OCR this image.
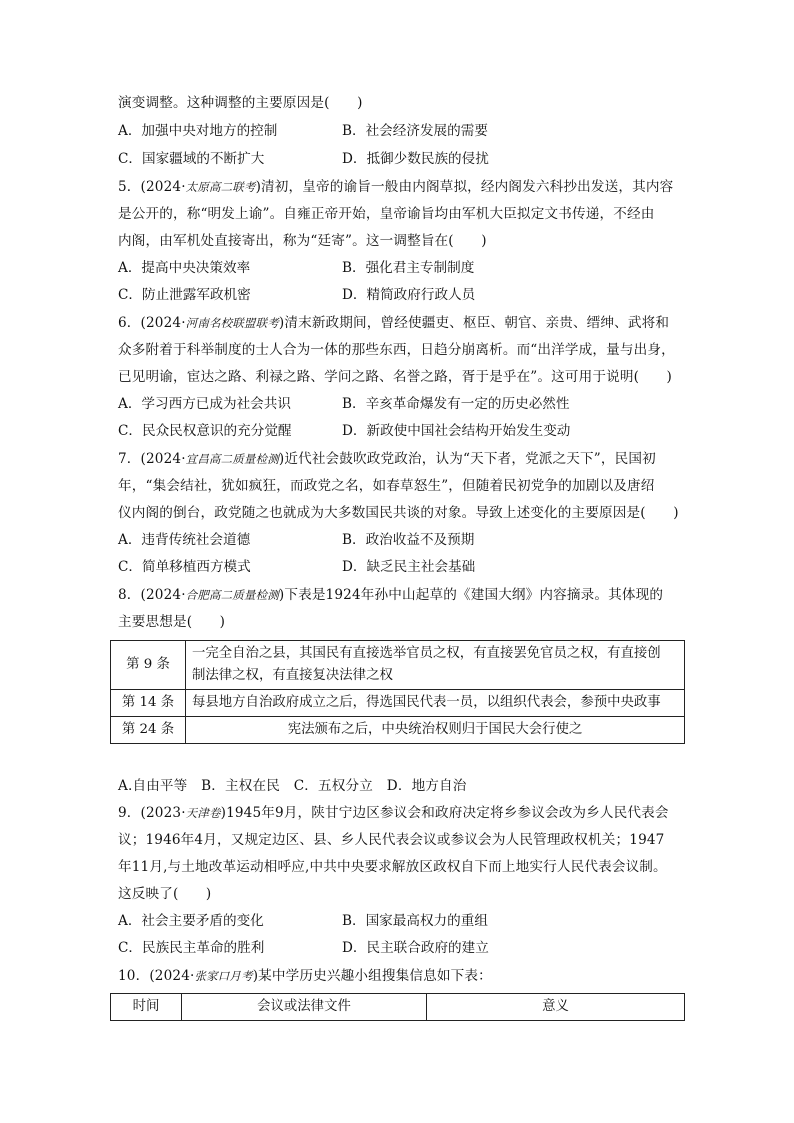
演变调整。这种调整的主要原因是(　　)
A．加强中央对地方的控制	B．社会经济发展的需要
C．国家疆域的不断扩大	D．抵御少数民族的侵扰
5．(2024·太原高二联考)清初，皇帝的谕旨一般由内阁草拟，经内阁发六科抄出发送，其内容
是公开的，称“明发上谕”。自雍正帝开始，皇帝谕旨均由军机大臣拟定文书传递，不经由
内阁，由军机处直接寄出，称为“廷寄”。这一调整旨在(　　)
A．提高中央决策效率	B．强化君主专制制度
C．防止泄露军政机密	D．精简政府行政人员
6．(2024·河南名校联盟联考)清末新政期间，曾经使疆吏、枢臣、朝官、亲贵、缙绅、武将和
众多附着于科举制度的士人合为一体的那些东西，日趋分崩离析。而“出洋学成，量与出身，
已见明谕，宦达之路、利禄之路、学问之路、名誉之路，胥于是乎在”。这可用于说明(　　)
A．学习西方已成为社会共识	B．辛亥革命爆发有一定的历史必然性
C．民众民权意识的充分觉醒	D．新政使中国社会结构开始发生变动
7．(2024·宜昌高二质量检测)近代社会鼓吹政党政治，认为“天下者，党派之天下”，民国初
年，“集会结社，犹如疯狂，而政党之名，如春草怒生”，但随着民初党争的加剧以及唐绍
仪内阁的倒台，政党随之也就成为大多数国民共谈的对象。导致上述变化的主要原因是(　　)
A．违背传统社会道德	B．政治收益不及预期
C．简单移植西方模式	D．缺乏民主社会基础
8．(2024·合肥高二质量检测)下表是1924年孙中山起草的《建国大纲》内容摘录。其体现的
主要思想是(　　)
第 9 条	一完全自治之县，其国民有直接选举官员之权，有直接罢免官员之权，有直接创
制法律之权，有直接复决法律之权

第 14 条	每县地方自治政府成立之后，得选国民代表一员，以组织代表会，参预中央政事
第 24 条	宪法颁布之后，中央统治权则归于国民大会行使之
A.自由平等　B．主权在民　C．五权分立　D．地方自治
9．(2023·天津卷)1945年9月，陕甘宁边区参议会和政府决定将乡参议会改为乡人民代表会
议；1946年4月，又规定边区、县、乡人民代表会议或参议会为人民管理政权机关；1947
年11月,与土地改革运动相呼应,中共中央要求解放区政权自下而上地实行人民代表会议制。
这反映了(　　)
A．社会主要矛盾的变化	B．国家最高权力的重组
C．民族民主革命的胜利	D．民主联合政府的建立
10．(2024·张家口月考)某中学历史兴趣小组搜集信息如下表：
时间	会议或法律文件	意义
